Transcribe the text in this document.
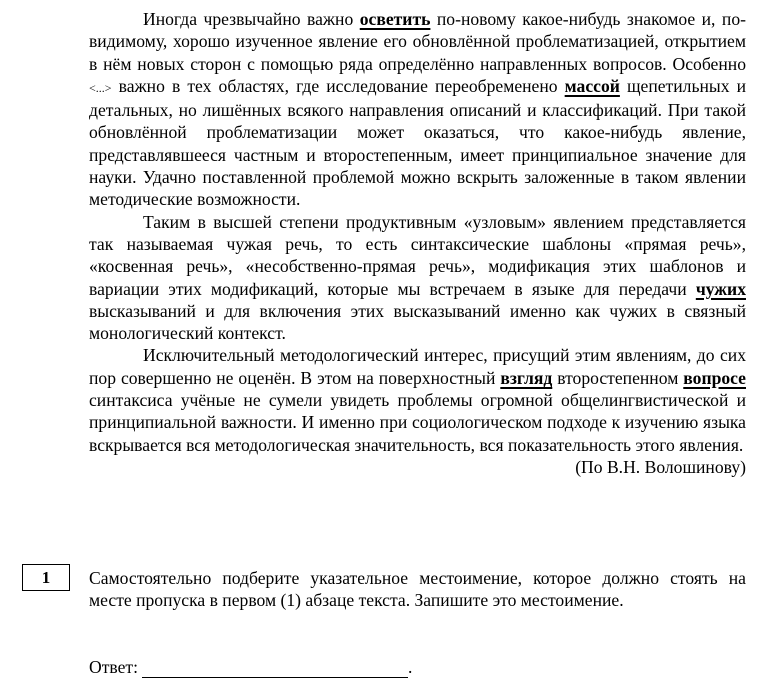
Иногда чрезвычайно важно осветить по-новому какое-нибудь знакомое и, по-видимому, хорошо изученное явление его обновлённой проблематизацией, открытием в нём новых сторон с помощью ряда определённо направленных вопросов. Особенно <...> важно в тех областях, где исследование переобременено массой щепетильных и детальных, но лишённых всякого направления описаний и классификаций. При такой обновлённой проблематизации может оказаться, что какое-нибудь явление, представлявшееся частным и второстепенным, имеет принципиальное значение для науки. Удачно поставленной проблемой можно вскрыть заложенные в таком явлении методические возможности.

Таким в высшей степени продуктивным «узловым» явлением представляется так называемая чужая речь, то есть синтаксические шаблоны «прямая речь», «косвенная речь», «несобственно-прямая речь», модификация этих шаблонов и вариации этих модификаций, которые мы встречаем в языке для передачи чужих высказываний и для включения этих высказываний именно как чужих в связный монологический контекст.

Исключительный методологический интерес, присущий этим явлениям, до сих пор совершенно не оценён. В этом на поверхностный взгляд второстепенном вопросе синтаксиса учёные не сумели увидеть проблемы огромной общелингвистической и принципиальной важности. И именно при социологическом подходе к изучению языка вскрывается вся методологическая значительность, вся показательность этого явления.

(По В.Н. Волошинову)

1	Самостоятельно подберите указательное местоимение, которое должно стоять на месте пропуска в первом (1) абзаце текста. Запишите это местоимение.

Ответ:	.
